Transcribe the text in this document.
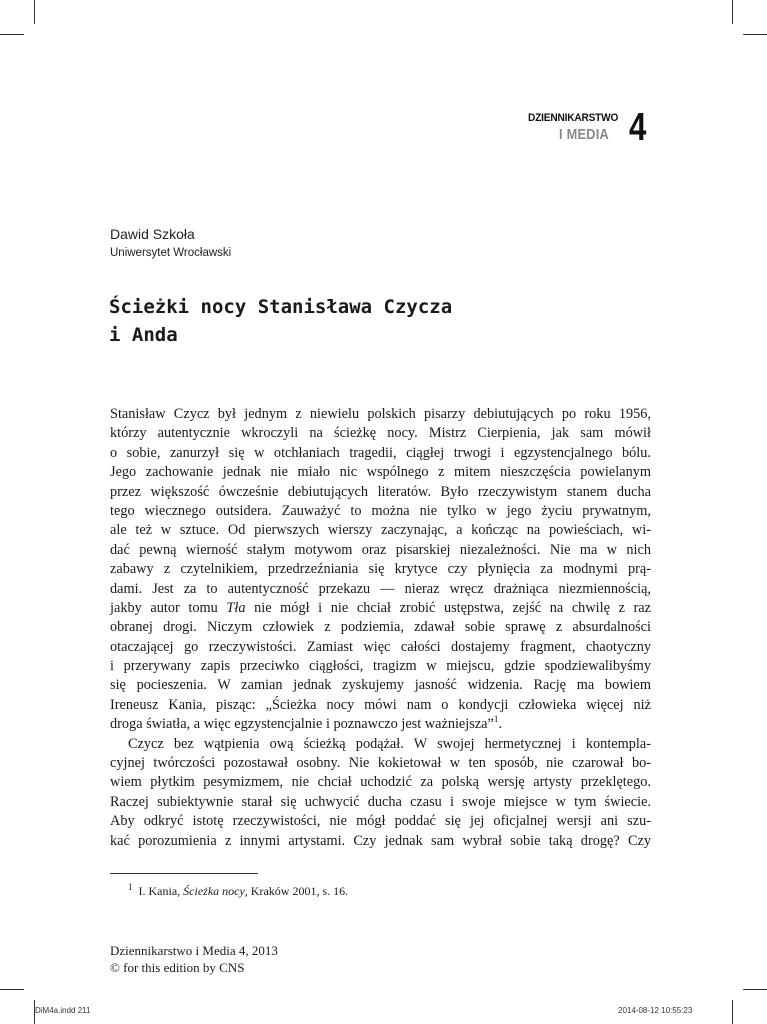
DZIENNIKARSTWO
I MEDIA 4
Dawid Szkoła
Uniwersytet Wrocławski
Ścieżki nocy Stanisława Czycza
i Anda
Stanisław Czycz był jednym z niewielu polskich pisarzy debiutujących po roku 1956,
którzy autentycznie wkroczyli na ścieżkę nocy. Mistrz Cierpienia, jak sam mówił
o sobie, zanurzył się w otchłaniach tragedii, ciągłej trwogi i egzystencjalnego bólu.
Jego zachowanie jednak nie miało nic wspólnego z mitem nieszczęścia powielanym
przez większość ówcześnie debiutujących literatów. Było rzeczywistym stanem ducha
tego wiecznego outsidera. Zauważyć to można nie tylko w jego życiu prywatnym,
ale też w sztuce. Od pierwszych wierszy zaczynając, a kończąc na powieściach, wi-
dać pewną wierność stałym motywom oraz pisarskiej niezależności. Nie ma w nich
zabawy z czytelnikiem, przedrzeźniania się krytyce czy płynięcia za modnymi prą-
dami. Jest za to autentyczność przekazu — nieraz wręcz drażniąca niezmiennością,
jakby autor tomu Tła nie mógł i nie chciał zrobić ustępstwa, zejść na chwilę z raz
obranej drogi. Niczym człowiek z podziemia, zdawał sobie sprawę z absurdalności
otaczającej go rzeczywistości. Zamiast więc całości dostajemy fragment, chaotyczny
i przerywany zapis przeciwko ciągłości, tragizm w miejscu, gdzie spodziewalibyśmy
się pocieszenia. W zamian jednak zyskujemy jasność widzenia. Rację ma bowiem
Ireneusz Kania, pisząc: „Ścieżka nocy mówi nam o kondycji człowieka więcej niż
droga światła, a więc egzystencjalnie i poznawczo jest ważniejsza”$^1$.
Czycz bez wątpienia ową ścieżką podążał. W swojej hermetycznej i kontempla-
cyjnej twórczości pozostawał osobny. Nie kokietował w ten sposób, nie czarował bo-
wiem płytkim pesymizmem, nie chciał uchodzić za polską wersję artysty przeklętego.
Raczej subiektywnie starał się uchwycić ducha czasu i swoje miejsce w tym świecie.
Aby odkryć istotę rzeczywistości, nie mógł poddać się jej oficjalnej wersji ani szu-
kać porozumienia z innymi artystami. Czy jednak sam wybrał sobie taką drogę? Czy
$^1$ I. Kania, Ścieżka nocy, Kraków 2001, s. 16.
Dziennikarstwo i Media 4, 2013
© for this edition by CNS
DiM4a.indd 211	2014-08-12 10:55:23
